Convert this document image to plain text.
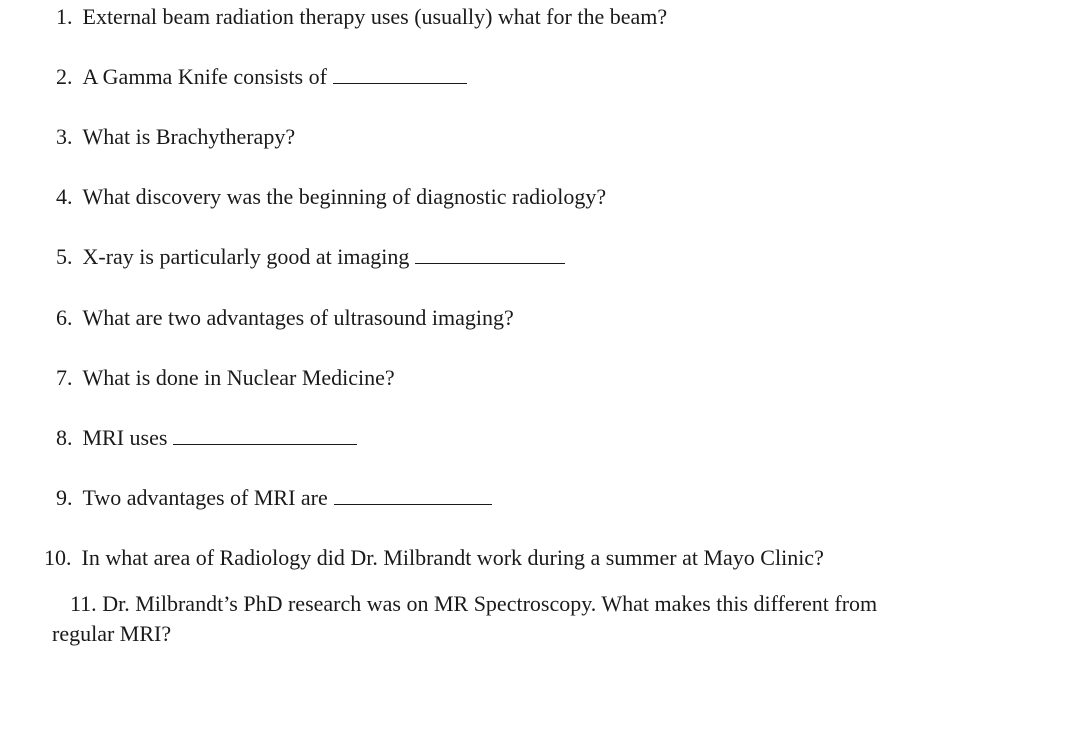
1. External beam radiation therapy uses (usually) what for the beam?
2. A Gamma Knife consists of
3. What is Brachytherapy?
4. What discovery was the beginning of diagnostic radiology?
5. X-ray is particularly good at imaging
6. What are two advantages of ultrasound imaging?
7. What is done in Nuclear Medicine?
8. MRI uses
9. Two advantages of MRI are
10. In what area of Radiology did Dr. Milbrandt work during a summer at Mayo Clinic?
11. Dr. Milbrandt’s PhD research was on MR Spectroscopy. What makes this different from regular MRI?
